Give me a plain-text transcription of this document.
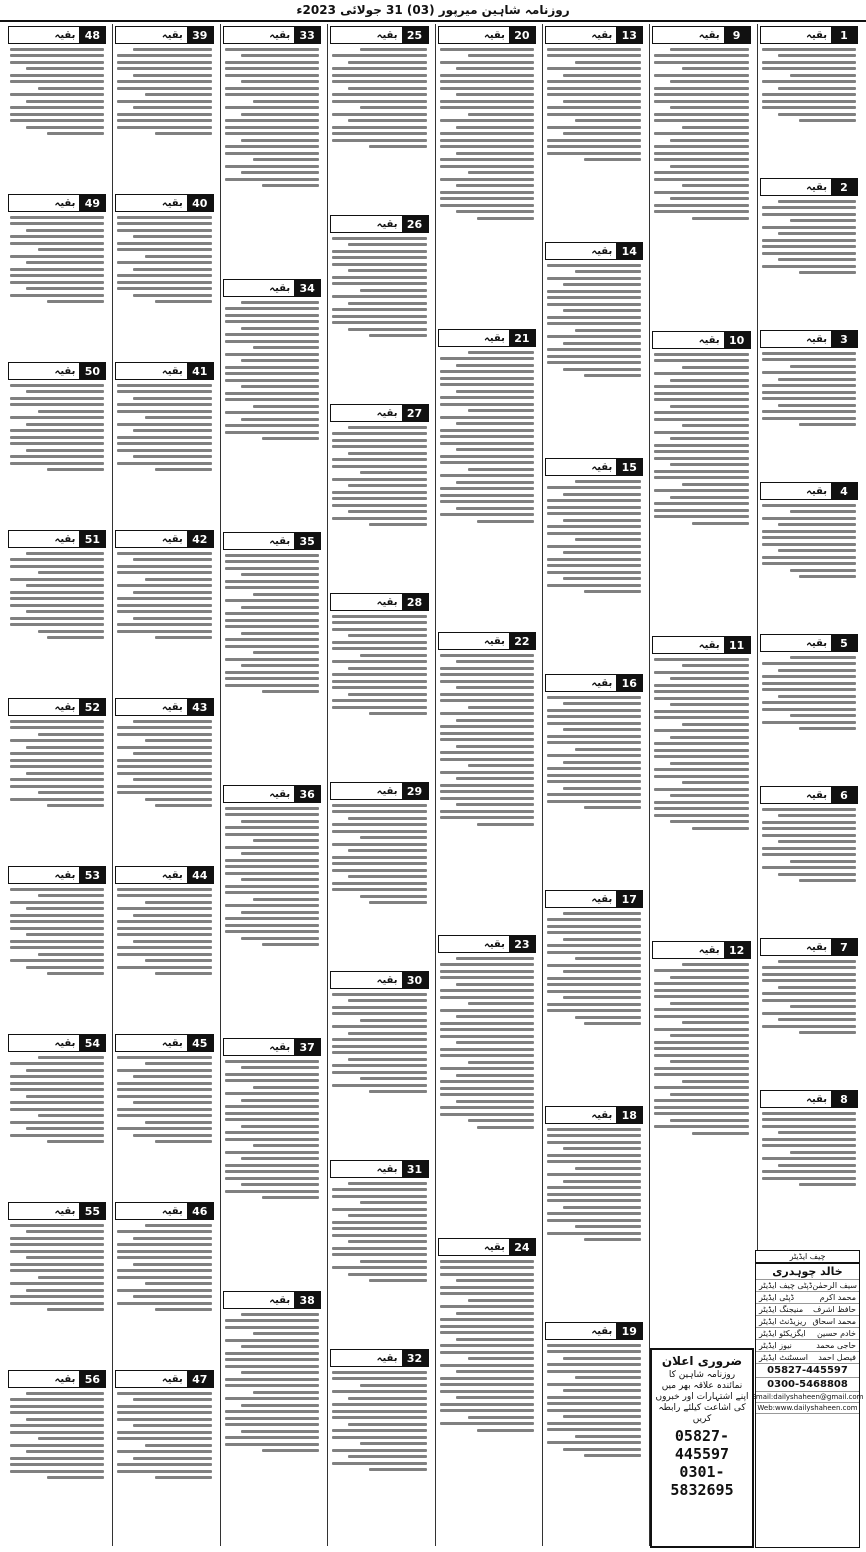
روزنامہ شاہین میرپور (03) 31 جولائی 2023ء
1
بقیہ
2
بقیہ
3
بقیہ
4
بقیہ
5
بقیہ
6
بقیہ
7
بقیہ
8
بقیہ
9
بقیہ
10
بقیہ
11
بقیہ
12
بقیہ
13
بقیہ
14
بقیہ
15
بقیہ
16
بقیہ
17
بقیہ
18
بقیہ
19
بقیہ
20
بقیہ
21
بقیہ
22
بقیہ
23
بقیہ
24
بقیہ
25
بقیہ
26
بقیہ
27
بقیہ
28
بقیہ
29
بقیہ
30
بقیہ
31
بقیہ
32
بقیہ
33
بقیہ
34
بقیہ
35
بقیہ
36
بقیہ
37
بقیہ
38
بقیہ
39
بقیہ
40
بقیہ
41
بقیہ
42
بقیہ
43
بقیہ
44
بقیہ
45
بقیہ
46
بقیہ
47
بقیہ
48
بقیہ
49
بقیہ
50
بقیہ
51
بقیہ
52
بقیہ
53
بقیہ
54
بقیہ
55
بقیہ
56
بقیہ
ضروری اعلان
روزنامہ شاہین کا نمائندہ علاقہ بھر میں اپنے اشتہارات اور خبروں کی اشاعت کیلئے رابطہ کریں
05827-445597
0301-5832695
چیف ایڈیٹر
خالد چوہدری
ڈپٹی چیف ایڈیٹر سیف الرحمٰن
ڈپٹی ایڈیٹر	محمد اکرم
منیجنگ ایڈیٹر حافظ اشرف
ریزیڈنٹ ایڈیٹر محمد اسحاق
ایگزیکٹو ایڈیٹر خادم حسین
نیوز ایڈیٹر	حاجی محمد
اسسٹنٹ ایڈیٹر فیصل احمد
05827-445597
0300-5468808
Email:dailyshaheen@gmail.com
Web:www.dailyshaheen.com
